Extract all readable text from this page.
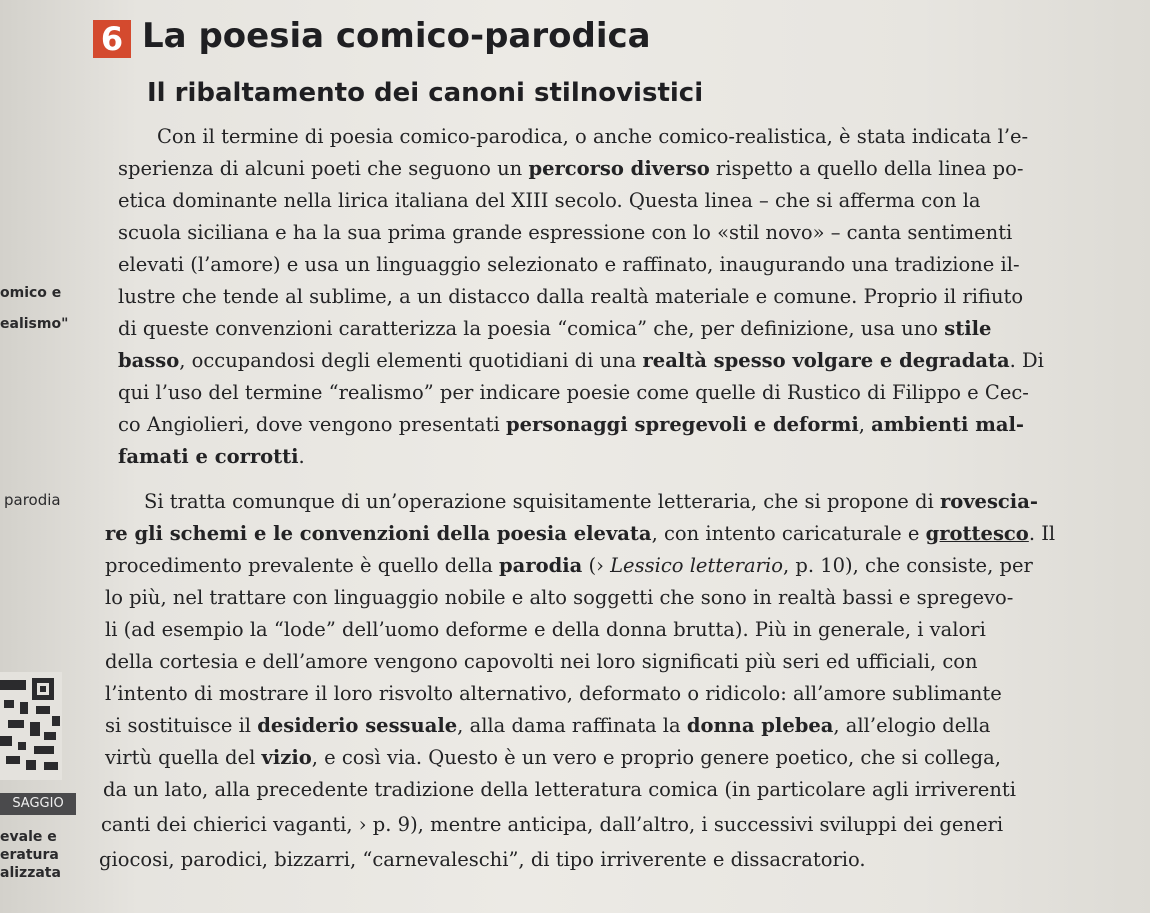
6 La poesia comico-parodica
Il ribaltamento dei canoni stilnovistici
omico e
ealismo"
parodia
SAGGIO
evale e
eratura
alizzata
Con il termine di poesia comico-parodica, o anche comico-realistica, è stata indicata l’e-
sperienza di alcuni poeti che seguono un percorso diverso rispetto a quello della linea po-
etica dominante nella lirica italiana del XIII secolo. Questa linea – che si afferma con la
scuola siciliana e ha la sua prima grande espressione con lo «stil novo» – canta sentimenti
elevati (l’amore) e usa un linguaggio selezionato e raffinato, inaugurando una tradizione il-
lustre che tende al sublime, a un distacco dalla realtà materiale e comune. Proprio il rifiuto
di queste convenzioni caratterizza la poesia “comica” che, per definizione, usa uno stile
basso, occupandosi degli elementi quotidiani di una realtà spesso volgare e degradata. Di
qui l’uso del termine “realismo” per indicare poesie come quelle di Rustico di Filippo e Cec-
co Angiolieri, dove vengono presentati personaggi spregevoli e deformi, ambienti mal-
famati e corrotti.
Si tratta comunque di un’operazione squisitamente letteraria, che si propone di rovescia-
re gli schemi e le convenzioni della poesia elevata, con intento caricaturale e grottesco. Il
procedimento prevalente è quello della parodia (› Lessico letterario, p. 10), che consiste, per
lo più, nel trattare con linguaggio nobile e alto soggetti che sono in realtà bassi e spregevo-
li (ad esempio la “lode” dell’uomo deforme e della donna brutta). Più in generale, i valori
della cortesia e dell’amore vengono capovolti nei loro significati più seri ed ufficiali, con
l’intento di mostrare il loro risvolto alternativo, deformato o ridicolo: all’amore sublimante
si sostituisce il desiderio sessuale, alla dama raffinata la donna plebea, all’elogio della
virtù quella del vizio, e così via. Questo è un vero e proprio genere poetico, che si collega,
da un lato, alla precedente tradizione della letteratura comica (in particolare agli irriverenti
canti dei chierici vaganti, › p. 9), mentre anticipa, dall’altro, i successivi sviluppi dei generi
giocosi, parodici, bizzarri, “carnevaleschi”, di tipo irriverente e dissacratorio.
